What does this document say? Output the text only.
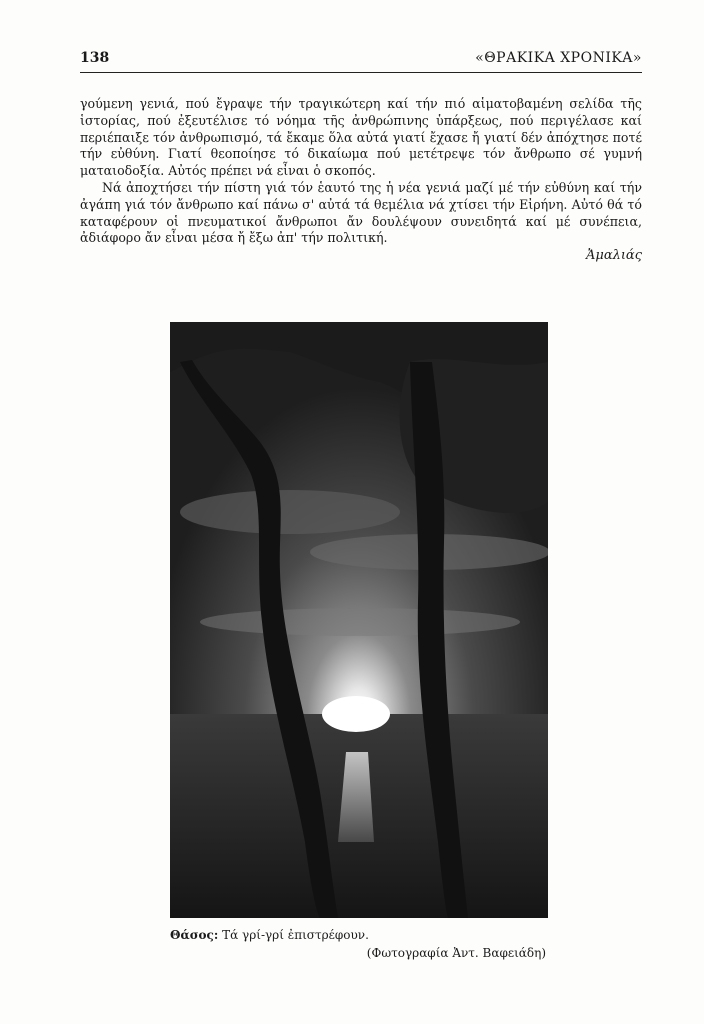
138	«ΘΡΑΚΙΚΑ ΧΡΟΝΙΚΑ»

γούμενη γενιά, πού ἔγραψε τήν τραγικώτερη καί τήν πιό αἱματοβαμένη σελίδα τῆς ἱστορίας, πού ἐξευτέλισε τό νόημα τῆς ἀνθρώπινης ὑπάρξεως, πού περιγέλασε καί περιέπαιξε τόν ἀνθρωπισμό, τά ἔκαμε ὅλα αὐτά γιατί ἔχασε ἤ γιατί δέν ἀπόχτησε ποτέ τήν εὐθύνη. Γιατί θεοποίησε τό δικαίωμα πού μετέτρεψε τόν ἄνθρωπο σέ γυμνή ματαιοδοξία. Αὐτός πρέπει νά εἶναι ὁ σκοπός.

Νά ἀποχτήσει τήν πίστη γιά τόν ἑαυτό της ἡ νέα γενιά μαζί μέ τήν εὐθύνη καί τήν ἀγάπη γιά τόν ἄνθρωπο καί πάνω σ' αὐτά τά θεμέλια νά χτίσει τήν Εἰρήνη. Αὐτό θά τό καταφέρουν οἱ πνευματικοί ἄνθρωποι ἄν δουλέψουν συνειδητά καί μέ συνέπεια, ἀδιάφορο ἄν εἶναι μέσα ἤ ἔξω ἀπ' τήν πολιτική.

Ἀμαλιάς
Θάσος: Τά γρί-γρί ἐπιστρέφουν.
(Φωτογραφία Ἀντ. Βαφειάδη)
